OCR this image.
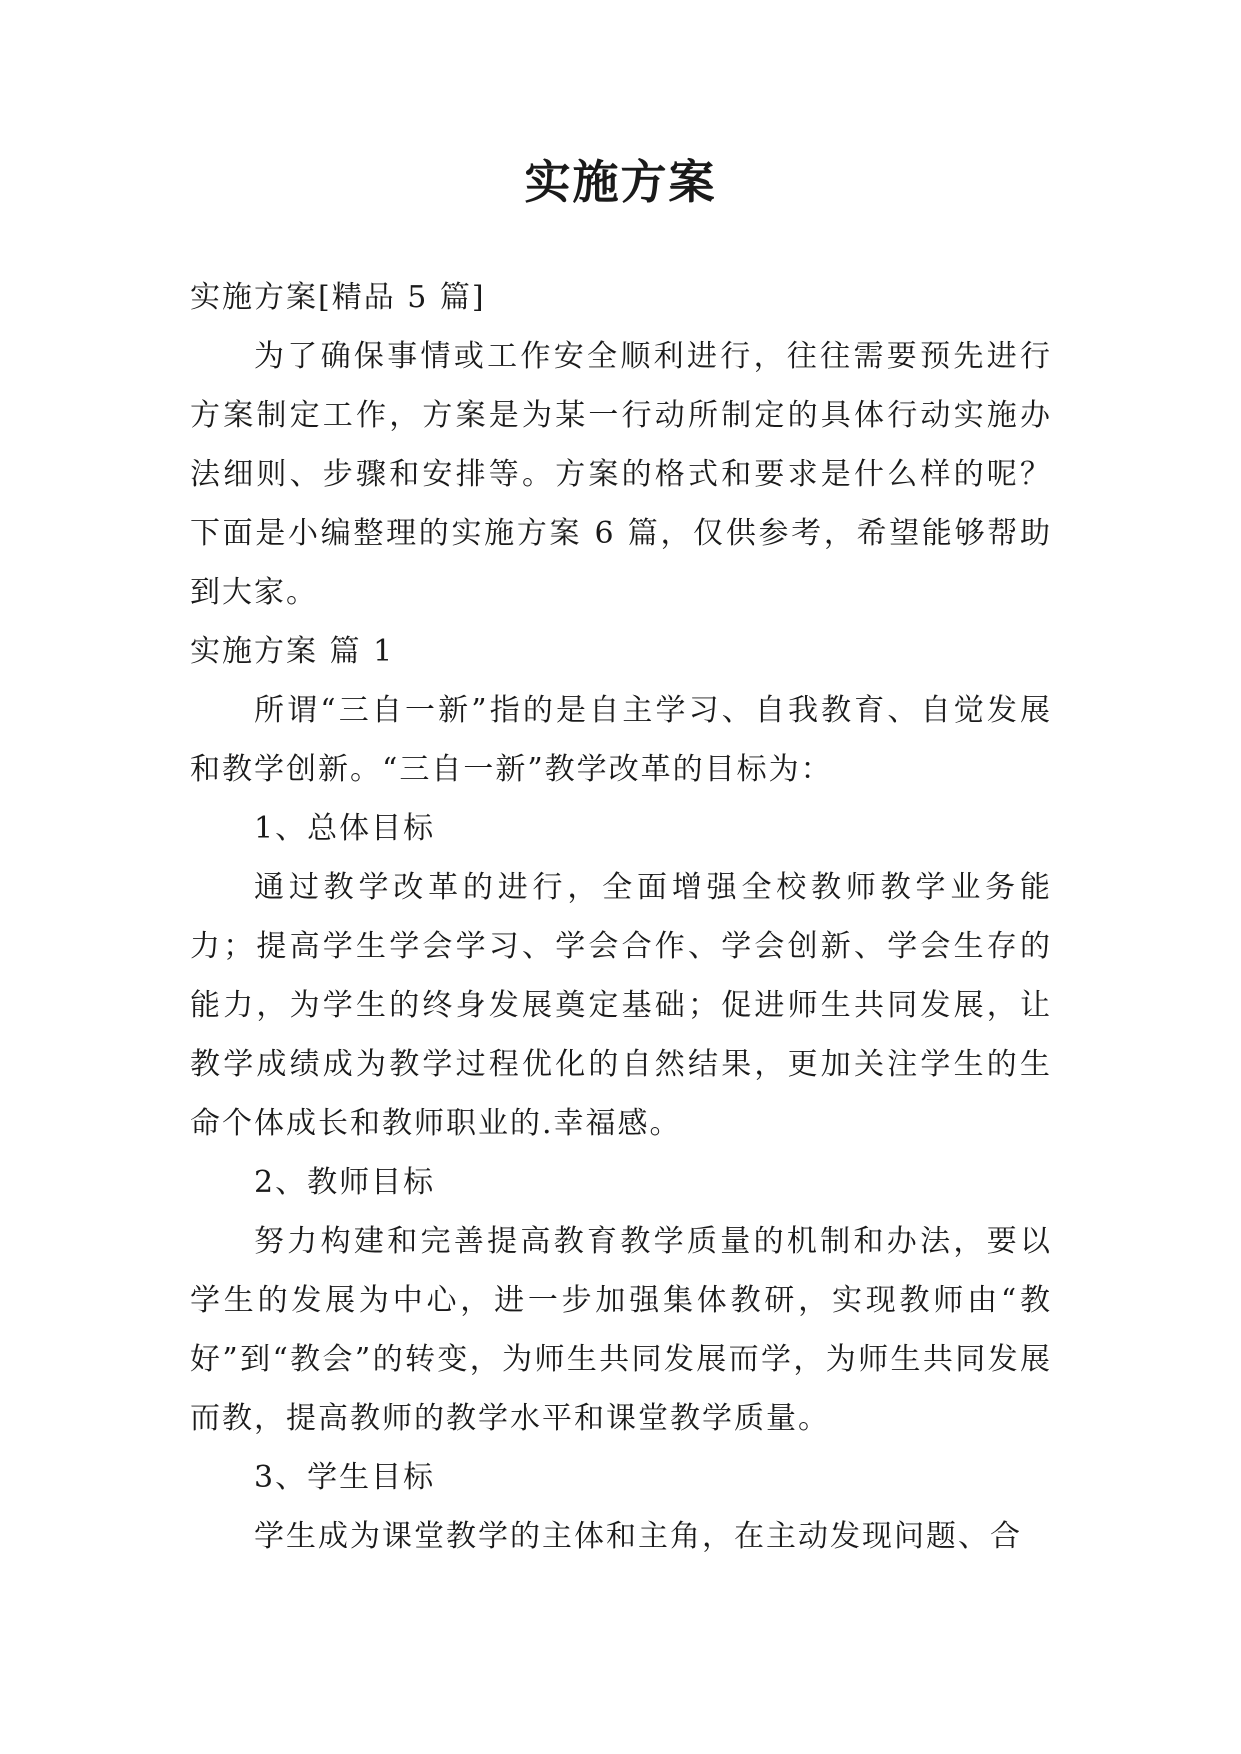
实施方案

实施方案[精品 5 篇]

为了确保事情或工作安全顺利进行，往往需要预先进行方案制定工作，方案是为某一行动所制定的具体行动实施办法细则、步骤和安排等。方案的格式和要求是什么样的呢？下面是小编整理的实施方案 6 篇，仅供参考，希望能够帮助到大家。

实施方案 篇 1

所谓“三自一新”指的是自主学习、自我教育、自觉发展和教学创新。“三自一新”教学改革的目标为：

1、总体目标

通过教学改革的进行，全面增强全校教师教学业务能力；提高学生学会学习、学会合作、学会创新、学会生存的能力，为学生的终身发展奠定基础；促进师生共同发展，让教学成绩成为教学过程优化的自然结果，更加关注学生的生命个体成长和教师职业的.幸福感。

2、教师目标

努力构建和完善提高教育教学质量的机制和办法，要以学生的发展为中心，进一步加强集体教研，实现教师由“教好”到“教会”的转变，为师生共同发展而学，为师生共同发展而教，提高教师的教学水平和课堂教学质量。

3、学生目标

学生成为课堂教学的主体和主角，在主动发现问题、合
